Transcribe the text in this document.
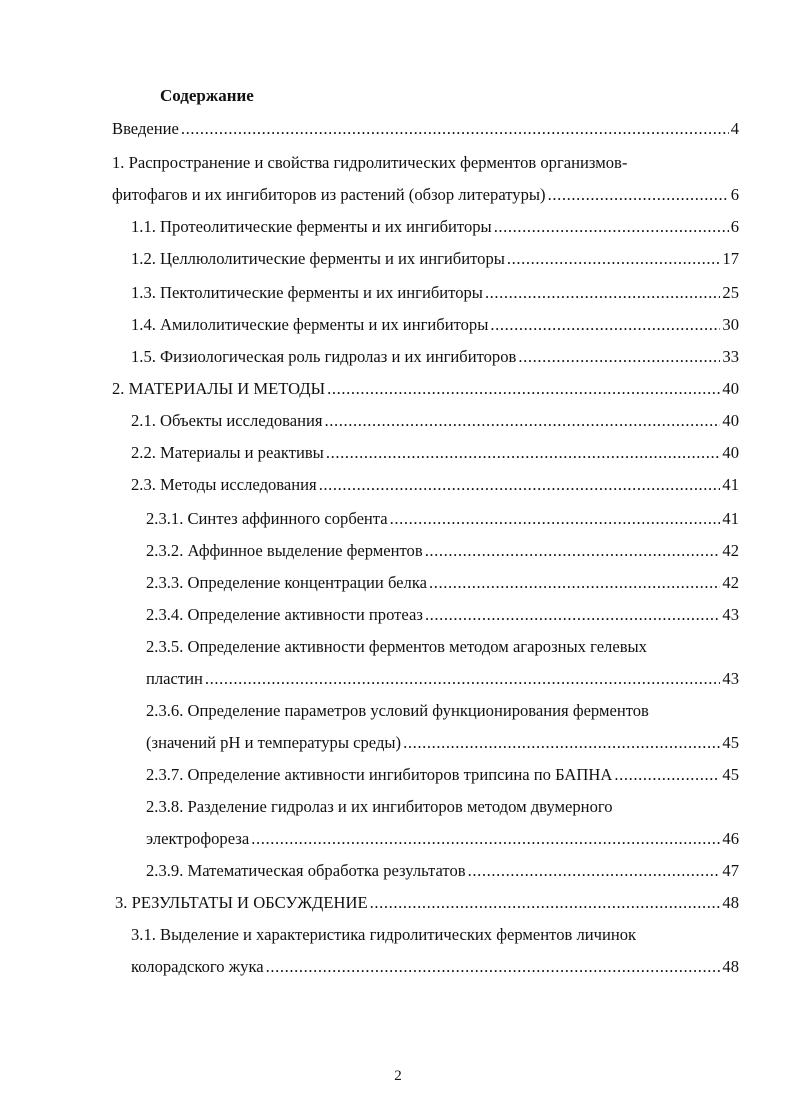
Содержание
Введение .....	4
1. Распространение и свойства гидролитических ферментов организмов-
фитофагов и их ингибиторов из растений (обзор литературы) .....	6
1.1. Протеолитические ферменты и их ингибиторы .....	6
1.2. Целлюлолитические ферменты и их ингибиторы .....	17
1.3. Пектолитические ферменты и их ингибиторы .....	25
1.4. Амилолитические ферменты и их ингибиторы .....	30
1.5. Физиологическая роль гидролаз и их ингибиторов .....	33
2. МАТЕРИАЛЫ И МЕТОДЫ .....	40
2.1. Объекты исследования .....	40
2.2. Материалы и реактивы .....	40
2.3. Методы исследования .....	41
2.3.1. Синтез аффинного сорбента .....	41
2.3.2. Аффинное выделение ферментов .....	42
2.3.3. Определение концентрации белка .....	42
2.3.4. Определение активности протеаз .....	43
2.3.5. Определение активности ферментов методом агарозных гелевых
пластин .....	43
2.3.6. Определение параметров условий функционирования ферментов
(значений pH и температуры среды) .....	45
2.3.7. Определение активности ингибиторов трипсина по БАПНА .....	45
2.3.8. Разделение гидролаз и их ингибиторов методом двумерного
электрофореза .....	46
2.3.9. Математическая обработка результатов .....	47
3. РЕЗУЛЬТАТЫ И ОБСУЖДЕНИЕ .....	48
3.1. Выделение и характеристика гидролитических ферментов личинок
колорадского жука .....	48
2
